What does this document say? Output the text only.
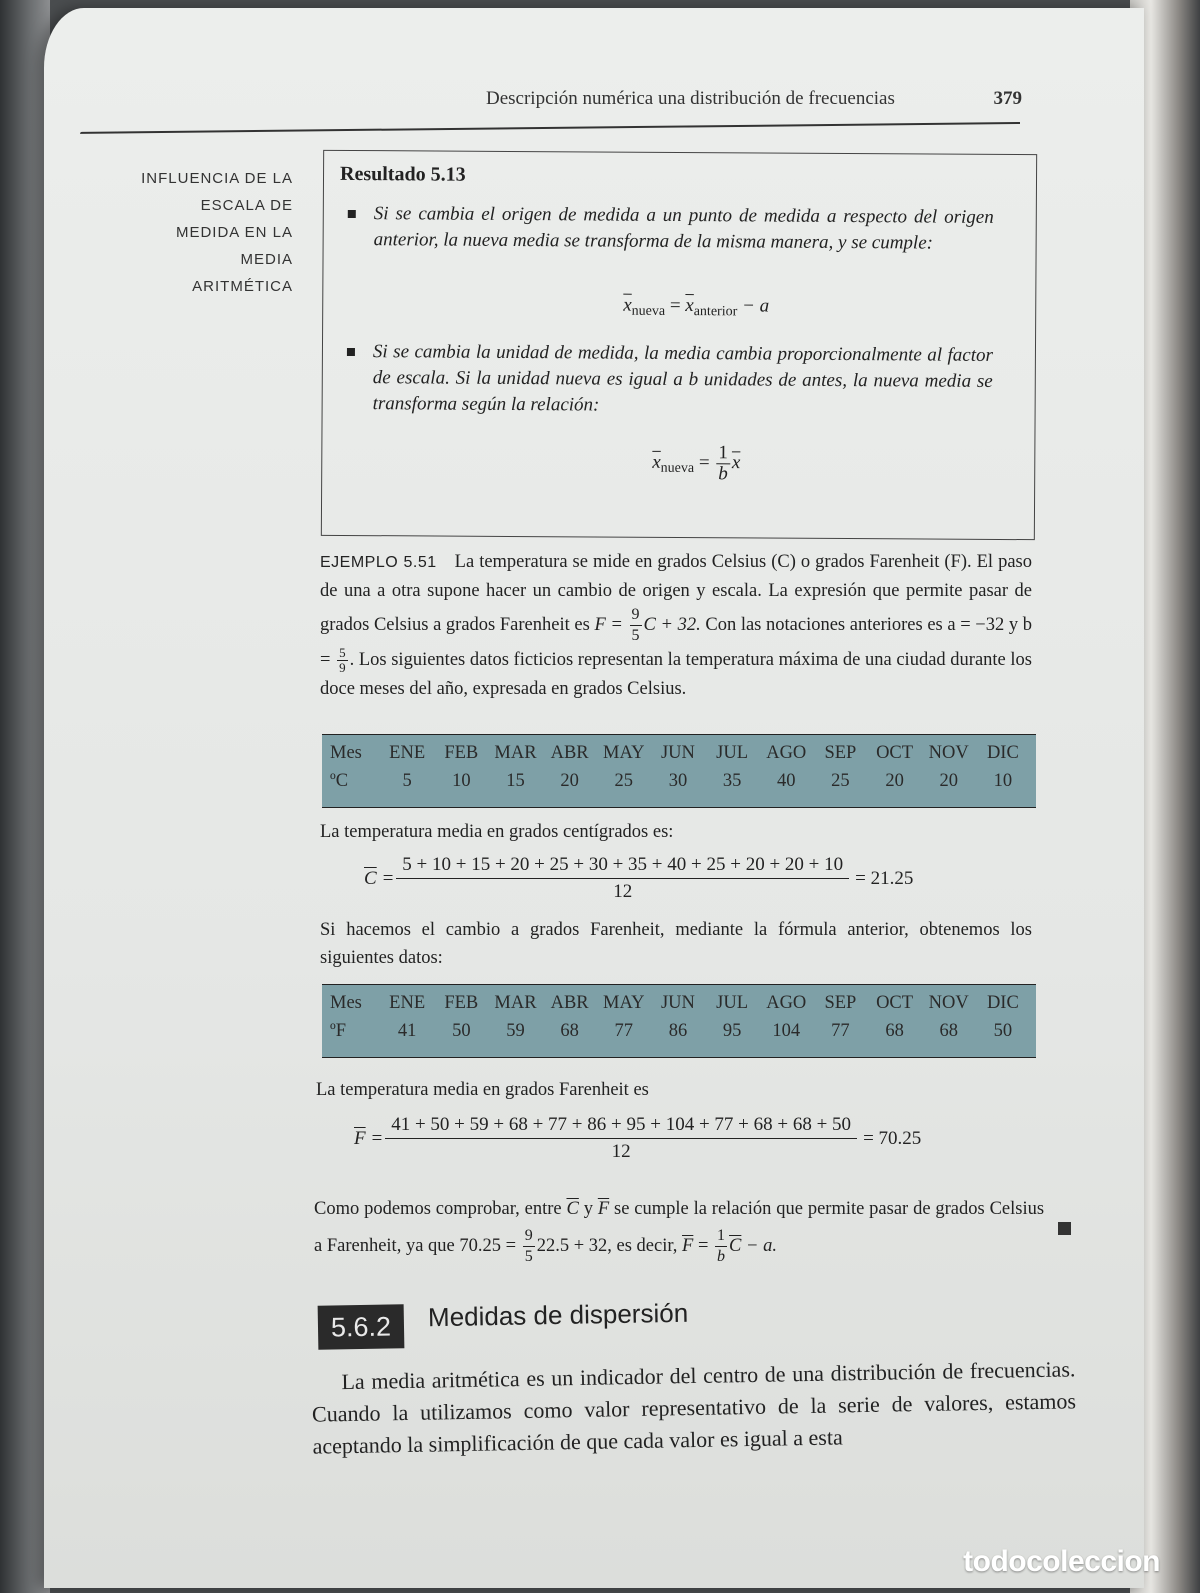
Descripción numérica una distribución de frecuencias	379
INFLUENCIA DE LA
ESCALA DE
MEDIDA EN LA
MEDIA
ARITMÉTICA
Resultado 5.13
Si se cambia el origen de medida a un punto de medida a respecto del origen anterior, la nueva media se transforma de la misma manera, y se cumple:
$\overline{x}_{nueva} = \overline{x}_{anterior} - a$
Si se cambia la unidad de medida, la media cambia proporcionalmente al factor de escala. Si la unidad nueva es igual a b unidades de antes, la nueva media se transforma según la relación:
$\overline{x}_{nueva} = \frac{1}{b} \overline{x}$
EJEMPLO 5.51 La temperatura se mide en grados Celsius (C) o grados Farenheit (F). El paso de una a otra supone hacer un cambio de origen y escala. La expresión que permite pasar de grados Celsius a grados Farenheit es $F = \frac{9}{5}$ C + 32. Con las notaciones anteriores es a = −32 y $b = \frac{5}{9}$ . Los siguientes datos ficticios representan la temperatura máxima de una ciudad durante los doce meses del año, expresada en grados Celsius.
Mes	ENE	FEB MAR ABR MAY JUN	JUL AGO SEP	OCT NOV DIC
ºC	5	10	15	20	25	30	35	40	25	20	20	10
La temperatura media en grados centígrados es:
$\overline{C} = \frac{5 + 10 + 15 + 20 + 25 + 30 + 35 + 40 + 25 + 20 + 20 + 10}{12} = 21.25$
Si hacemos el cambio a grados Farenheit, mediante la fórmula anterior, obtenemos los siguientes datos:
Mes	ENE	FEB MAR ABR MAY JUN	JUL AGO SEP	OCT NOV DIC
ºF	41	50	59	68	77	86	95	104	77	68	68	50
La temperatura media en grados Farenheit es
$\overline{F} = \frac{41 + 50 + 59 + 68 + 77 + 86 + 95 + 104 + 77 + 68 + 68 + 50}{12} = 70.25$
Como podemos comprobar, entre $\overline{C}$ y $\overline{F}$ se cumple la relación que permite pasar de grados Celsius a Farenheit, ya que $70.25 = \frac{9}{5} 22.5 + 32$, es decir, $\overline{F} = \frac{1}{b} \overline{C} - a$.
5.6.2	Medidas de dispersión
La media aritmética es un indicador del centro de una distribución de frecuencias. Cuando la utilizamos como valor representativo de la serie de valores, estamos aceptando la simplificación de que cada valor es igual a esta
todocoleccion
